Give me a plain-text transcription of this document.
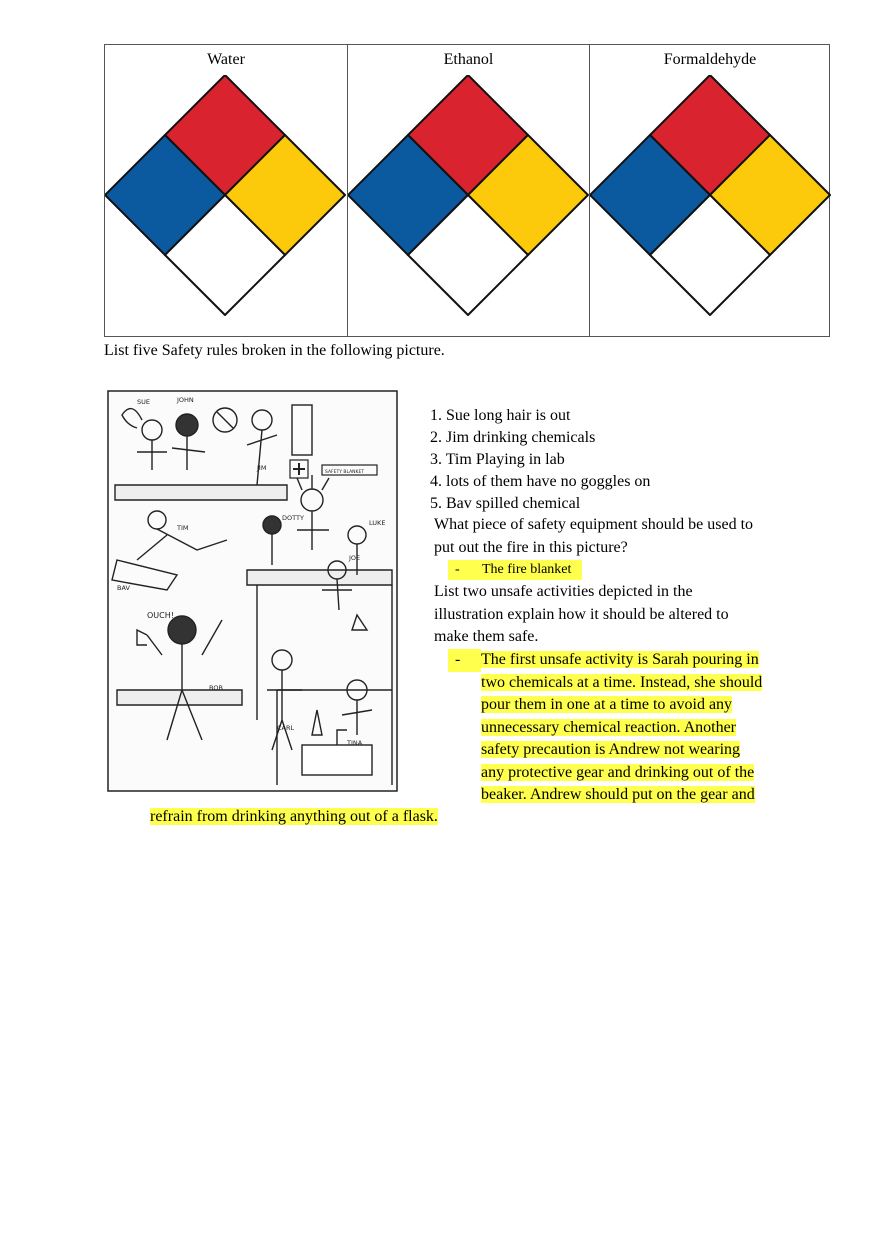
Water	Ethanol	Formaldehyde
List five Safety rules broken in the following picture.
SUE	JOHN
JIM
TIM
DOTTY
SAFETY BLANKET
BAV
LUKE
JOE
OUCH!
BOB
CARL
TINA
1. Sue long hair is out
2. Jim drinking chemicals
3. Tim Playing in lab
4. lots of them have no goggles on
5. Bav spilled chemical
What piece of safety equipment should be used to
put out the fire in this picture?
- The fire blanket
List two unsafe activities depicted in the
illustration explain how it should be altered to
make them safe.
-	The first unsafe activity is Sarah pouring in
two chemicals at a time. Instead, she should
pour them in one at a time to avoid any
unnecessary chemical reaction. Another
safety precaution is Andrew not wearing
any protective gear and drinking out of the
beaker. Andrew should put on the gear and
refrain from drinking anything out of a flask.
